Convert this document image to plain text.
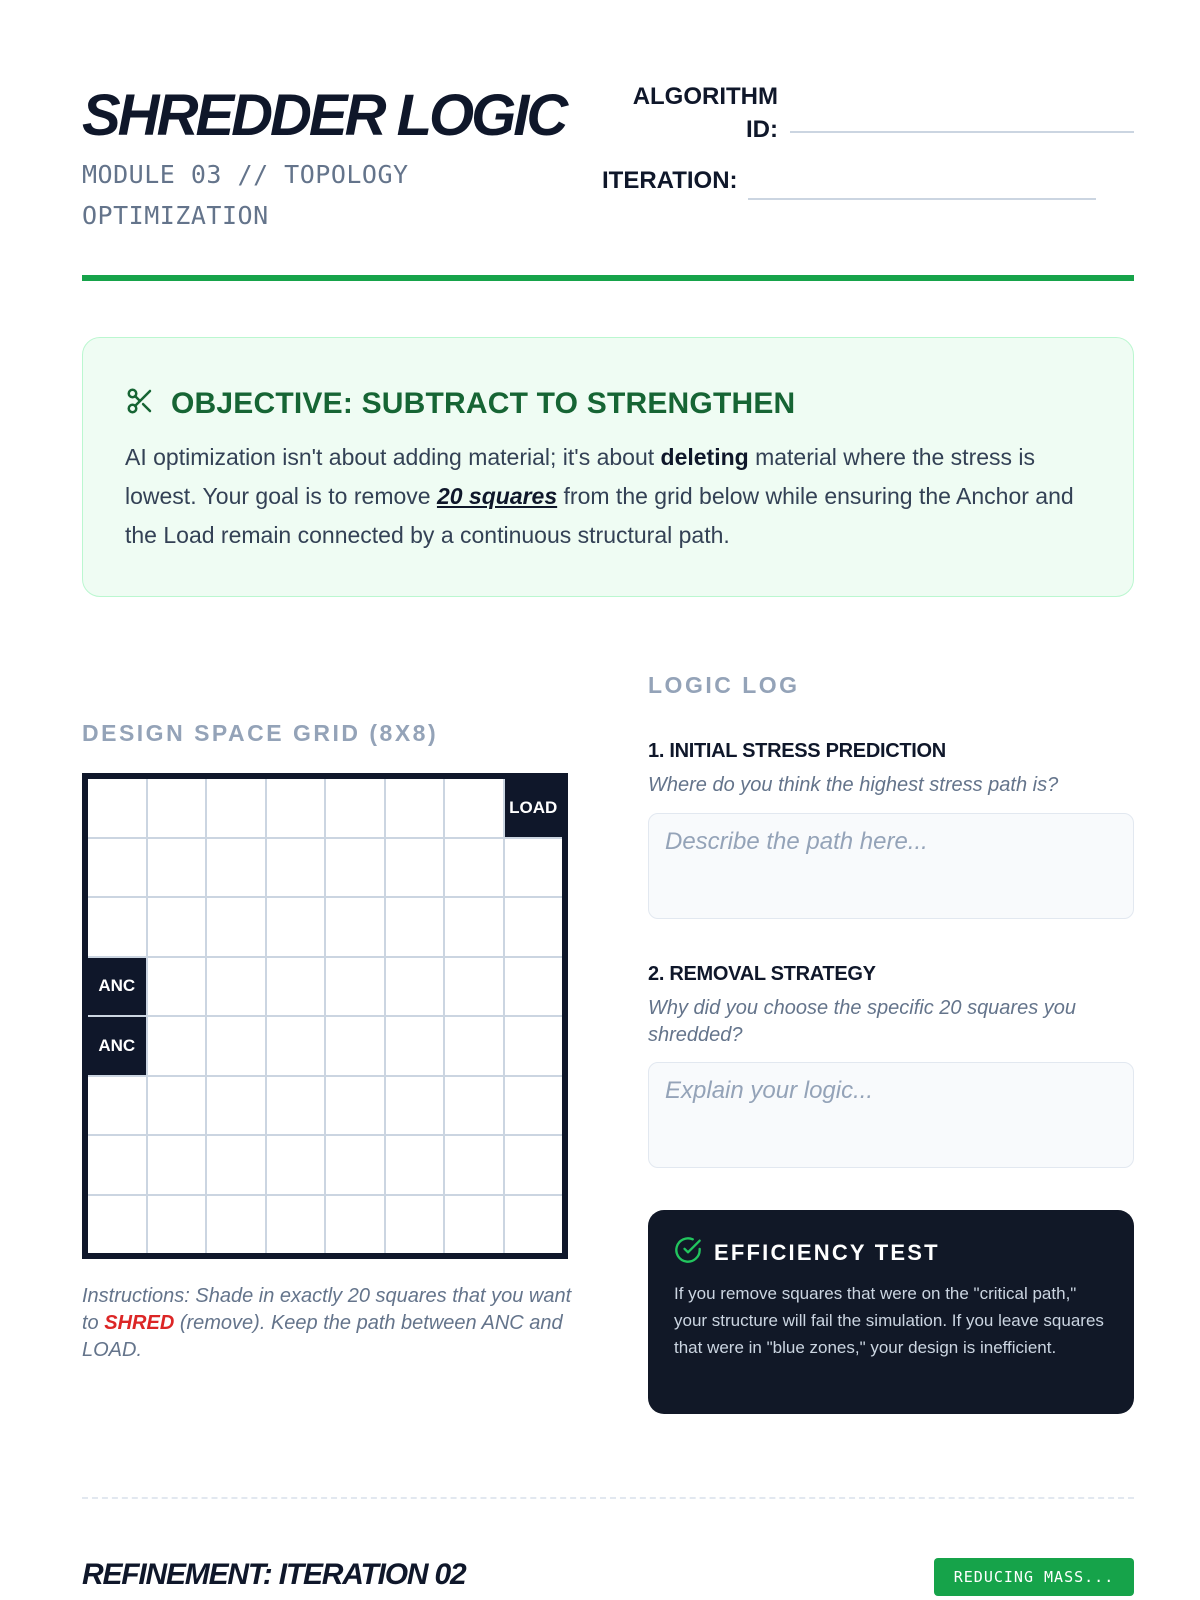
SHREDDER LOGIC
MODULE 03 // TOPOLOGY OPTIMIZATION
ALGORITHM ID:
ITERATION:
OBJECTIVE: SUBTRACT TO STRENGTHEN
AI optimization isn't about adding material; it's about deleting material where the stress is lowest. Your goal is to remove 20 squares from the grid below while ensuring the Anchor and the Load remain connected by a continuous structural path.
DESIGN SPACE GRID (8X8)
LOAD
ANC
ANC
Instructions: Shade in exactly 20 squares that you want to SHRED (remove). Keep the path between ANC and LOAD.
LOGIC LOG
1. INITIAL STRESS PREDICTION
Where do you think the highest stress path is?
Describe the path here...
2. REMOVAL STRATEGY
Why did you choose the specific 20 squares you shredded?
Explain your logic...
EFFICIENCY TEST
If you remove squares that were on the "critical path," your structure will fail the simulation. If you leave squares that were in "blue zones," your design is inefficient.
REFINEMENT: ITERATION 02	REDUCING MASS...
